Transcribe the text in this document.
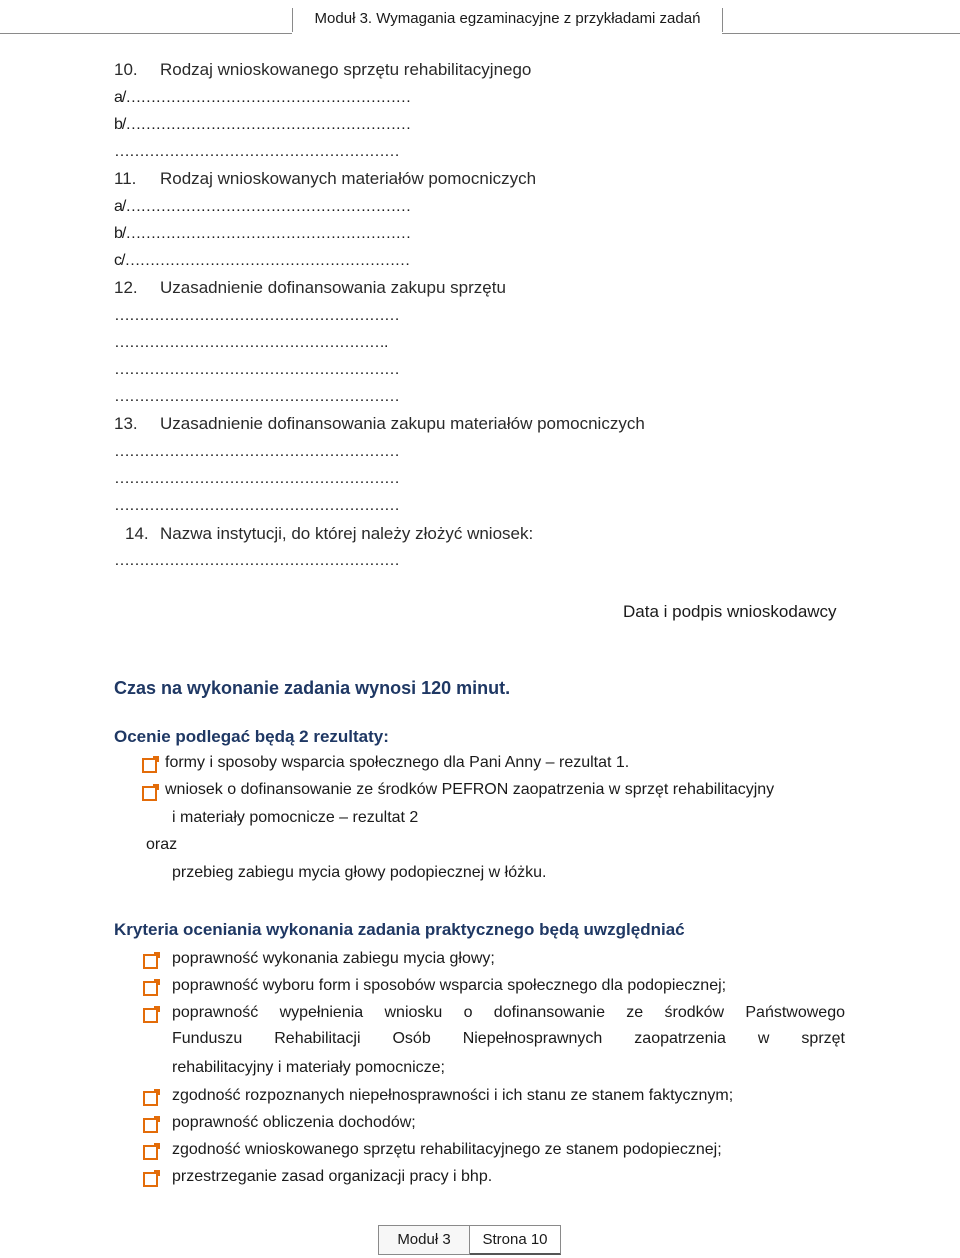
Moduł 3. Wymagania egzaminacyjne z przykładami zadań
10. Rodzaj wnioskowanego sprzętu rehabilitacyjnego
a/…………………………………………………
b/…………………………………………………
…………………………………………………
11. Rodzaj wnioskowanych materiałów pomocniczych
a/…………………………………………………
b/…………………………………………………
c/…………………………………………………
12. Uzasadnienie dofinansowania zakupu sprzętu
…………………………………………………
……………………………………………….
…………………………………………………
…………………………………………………
13. Uzasadnienie dofinansowania zakupu materiałów pomocniczych
…………………………………………………
…………………………………………………
…………………………………………………
14. Nazwa instytucji, do której należy złożyć wniosek:
…………………………………………………
Data i podpis wnioskodawcy
Czas na wykonanie zadania wynosi 120 minut.
Ocenie podlegać będą 2 rezultaty:
formy i sposoby wsparcia społecznego dla Pani Anny – rezultat 1.
wniosek o dofinansowanie ze środków PEFRON zaopatrzenia w sprzęt rehabilitacyjny
i materiały pomocnicze – rezultat 2
oraz
przebieg zabiegu mycia głowy podopiecznej w łóżku.
Kryteria oceniania wykonania zadania praktycznego będą uwzględniać
poprawność wykonania zabiegu mycia głowy;
poprawność wyboru form i sposobów wsparcia społecznego dla podopiecznej;
poprawność wypełnienia wniosku o dofinansowanie ze środków Państwowego
Funduszu Rehabilitacji Osób Niepełnosprawnych zaopatrzenia w sprzęt
rehabilitacyjny i materiały pomocnicze;
zgodność rozpoznanych niepełnosprawności i ich stanu ze stanem faktycznym;
poprawność obliczenia dochodów;
zgodność wnioskowanego sprzętu rehabilitacyjnego ze stanem podopiecznej;
przestrzeganie zasad organizacji pracy i bhp.
Moduł 3	Strona 10
